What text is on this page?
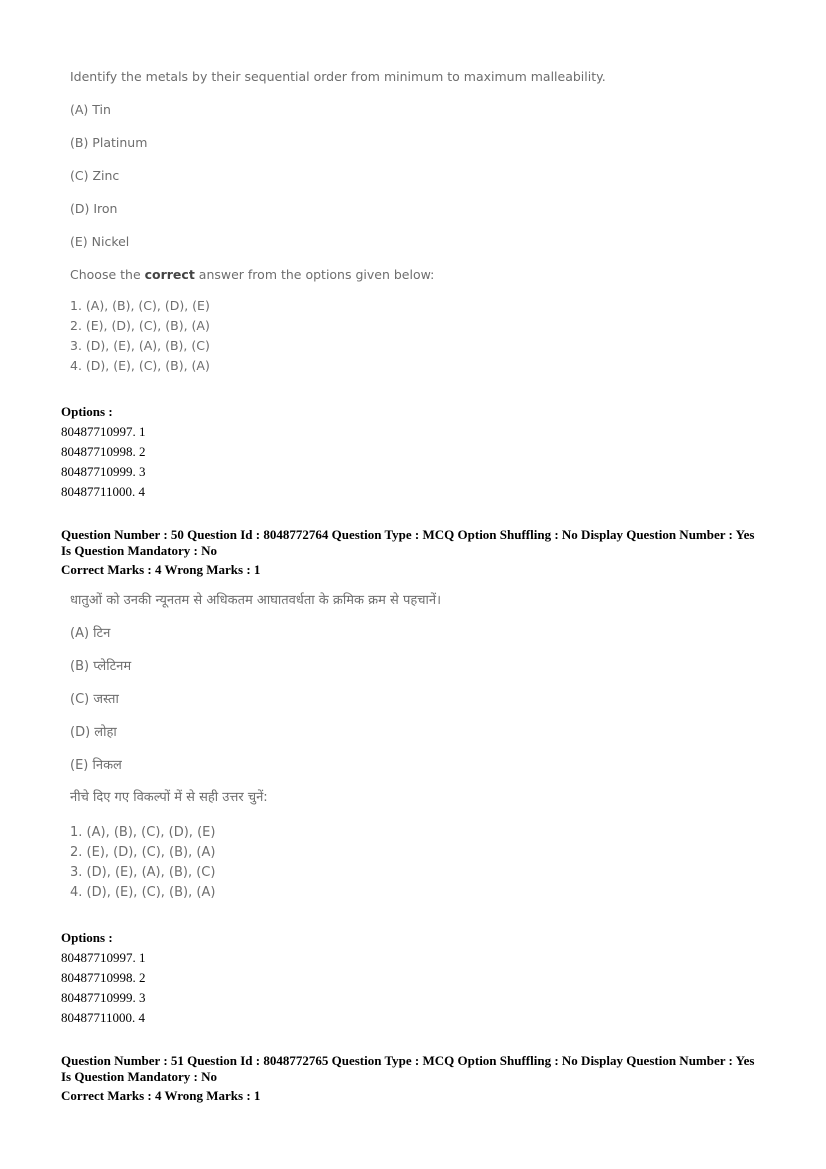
Identify the metals by their sequential order from minimum to maximum malleability.

(A) Tin

(B) Platinum

(C) Zinc

(D) Iron

(E) Nickel

Choose the correct answer from the options given below:

1. (A), (B), (C), (D), (E)

2. (E), (D), (C), (B), (A)

3. (D), (E), (A), (B), (C)

4. (D), (E), (C), (B), (A)

Options :
80487710997. 1
80487710998. 2
80487710999. 3
80487711000. 4
Question Number : 50 Question Id : 8048772764 Question Type : MCQ Option Shuffling : No Display Question Number : Yes
Is Question Mandatory : No
Correct Marks : 4 Wrong Marks : 1

धातुओं को उनकी न्यूनतम से अधिकतम आघातवर्धता के क्रमिक क्रम से पहचानें।

(A) टिन

(B) प्लेटिनम

(C) जस्ता

(D) लोहा

(E) निकल

नीचे दिए गए विकल्पों में से सही उत्तर चुनें:

1. (A), (B), (C), (D), (E)

2. (E), (D), (C), (B), (A)

3. (D), (E), (A), (B), (C)

4. (D), (E), (C), (B), (A)

Options :
80487710997. 1
80487710998. 2
80487710999. 3
80487711000. 4
Question Number : 51 Question Id : 8048772765 Question Type : MCQ Option Shuffling : No Display Question Number : Yes
Is Question Mandatory : No
Correct Marks : 4 Wrong Marks : 1
